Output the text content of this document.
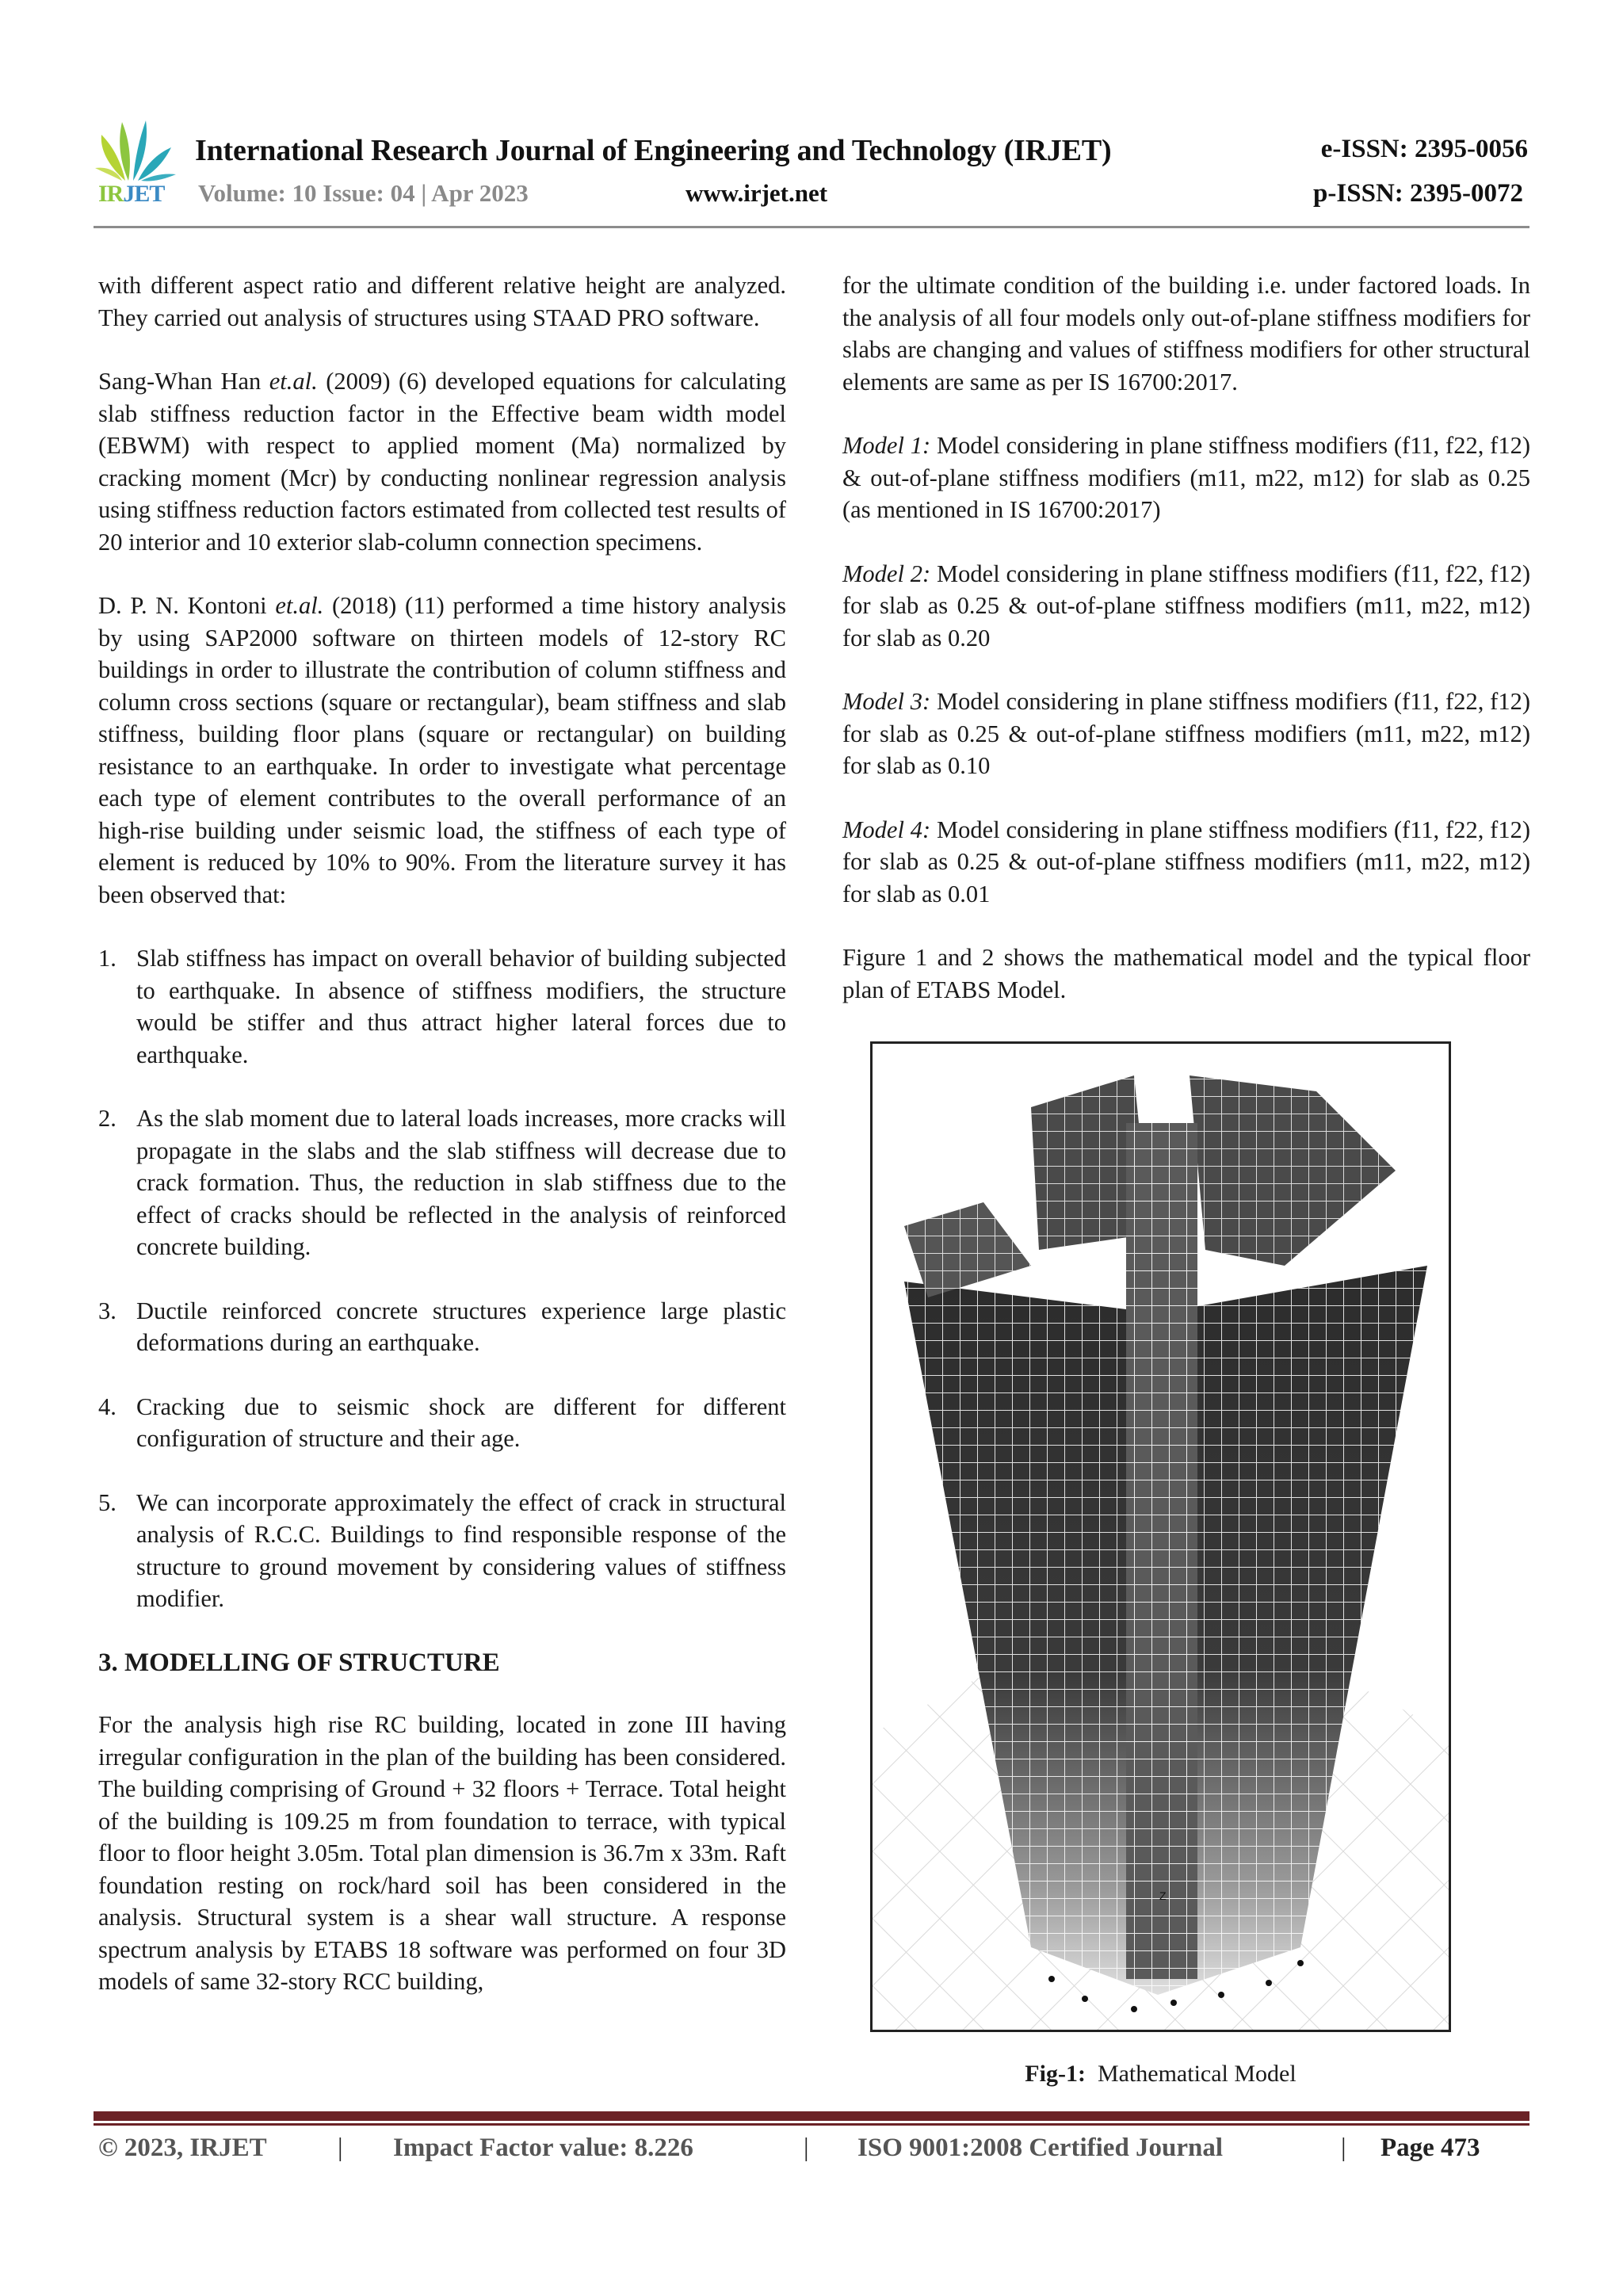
IRJET
International Research Journal of Engineering and Technology (IRJET)
Volume: 10 Issue: 04 | Apr 2023	www.irjet.net
e-ISSN: 2395-0056
p-ISSN: 2395-0072

with different aspect ratio and different relative height are analyzed. They carried out analysis of structures using STAAD PRO software.

Sang-Whan Han et.al. (2009) (6) developed equations for calculating slab stiffness reduction factor in the Effective beam width model (EBWM) with respect to applied moment (Ma) normalized by cracking moment (Mcr) by conducting nonlinear regression analysis using stiffness reduction factors estimated from collected test results of 20 interior and 10 exterior slab-column connection specimens.

D. P. N. Kontoni et.al. (2018) (11) performed a time history analysis by using SAP2000 software on thirteen models of 12-story RC buildings in order to illustrate the contribution of column stiffness and column cross sections (square or rectangular), beam stiffness and slab stiffness, building floor plans (square or rectangular) on building resistance to an earthquake. In order to investigate what percentage each type of element contributes to the overall performance of an high-rise building under seismic load, the stiffness of each type of element is reduced by 10% to 90%. From the literature survey it has been observed that:

1. Slab stiffness has impact on overall behavior of building subjected to earthquake. In absence of stiffness modifiers, the structure would be stiffer and thus attract higher lateral forces due to earthquake.
2. As the slab moment due to lateral loads increases, more cracks will propagate in the slabs and the slab stiffness will decrease due to crack formation. Thus, the reduction in slab stiffness due to the effect of cracks should be reflected in the analysis of reinforced concrete building.
3. Ductile reinforced concrete structures experience large plastic deformations during an earthquake.
4. Cracking due to seismic shock are different for different configuration of structure and their age.
5. We can incorporate approximately the effect of crack in structural analysis of R.C.C. Buildings to find responsible response of the structure to ground movement by considering values of stiffness modifier.
3. MODELLING OF STRUCTURE

For the analysis high rise RC building, located in zone III having irregular configuration in the plan of the building has been considered. The building comprising of Ground + 32 floors + Terrace. Total height of the building is 109.25 m from foundation to terrace, with typical floor to floor height 3.05m. Total plan dimension is 36.7m x 33m. Raft foundation resting on rock/hard soil has been considered in the analysis. Structural system is a shear wall structure. A response spectrum analysis by ETABS 18 software was performed on four 3D models of same 32-story RCC building,

for the ultimate condition of the building i.e. under factored loads. In the analysis of all four models only out-of-plane stiffness modifiers for slabs are changing and values of stiffness modifiers for other structural elements are same as per IS 16700:2017.

Model 1: Model considering in plane stiffness modifiers (f11, f22, f12) & out-of-plane stiffness modifiers (m11, m22, m12) for slab as 0.25 (as mentioned in IS 16700:2017)

Model 2: Model considering in plane stiffness modifiers (f11, f22, f12) for slab as 0.25 & out-of-plane stiffness modifiers (m11, m22, m12) for slab as 0.20

Model 3: Model considering in plane stiffness modifiers (f11, f22, f12) for slab as 0.25 & out-of-plane stiffness modifiers (m11, m22, m12) for slab as 0.10

Model 4: Model considering in plane stiffness modifiers (f11, f22, f12) for slab as 0.25 & out-of-plane stiffness modifiers (m11, m22, m12) for slab as 0.01

Figure 1 and 2 shows the mathematical model and the typical floor plan of ETABS Model.

Z
Fig-1:  Mathematical Model
© 2023, IRJET	| Impact Factor value: 8.226	| ISO 9001:2008 Certified Journal	| Page 473
